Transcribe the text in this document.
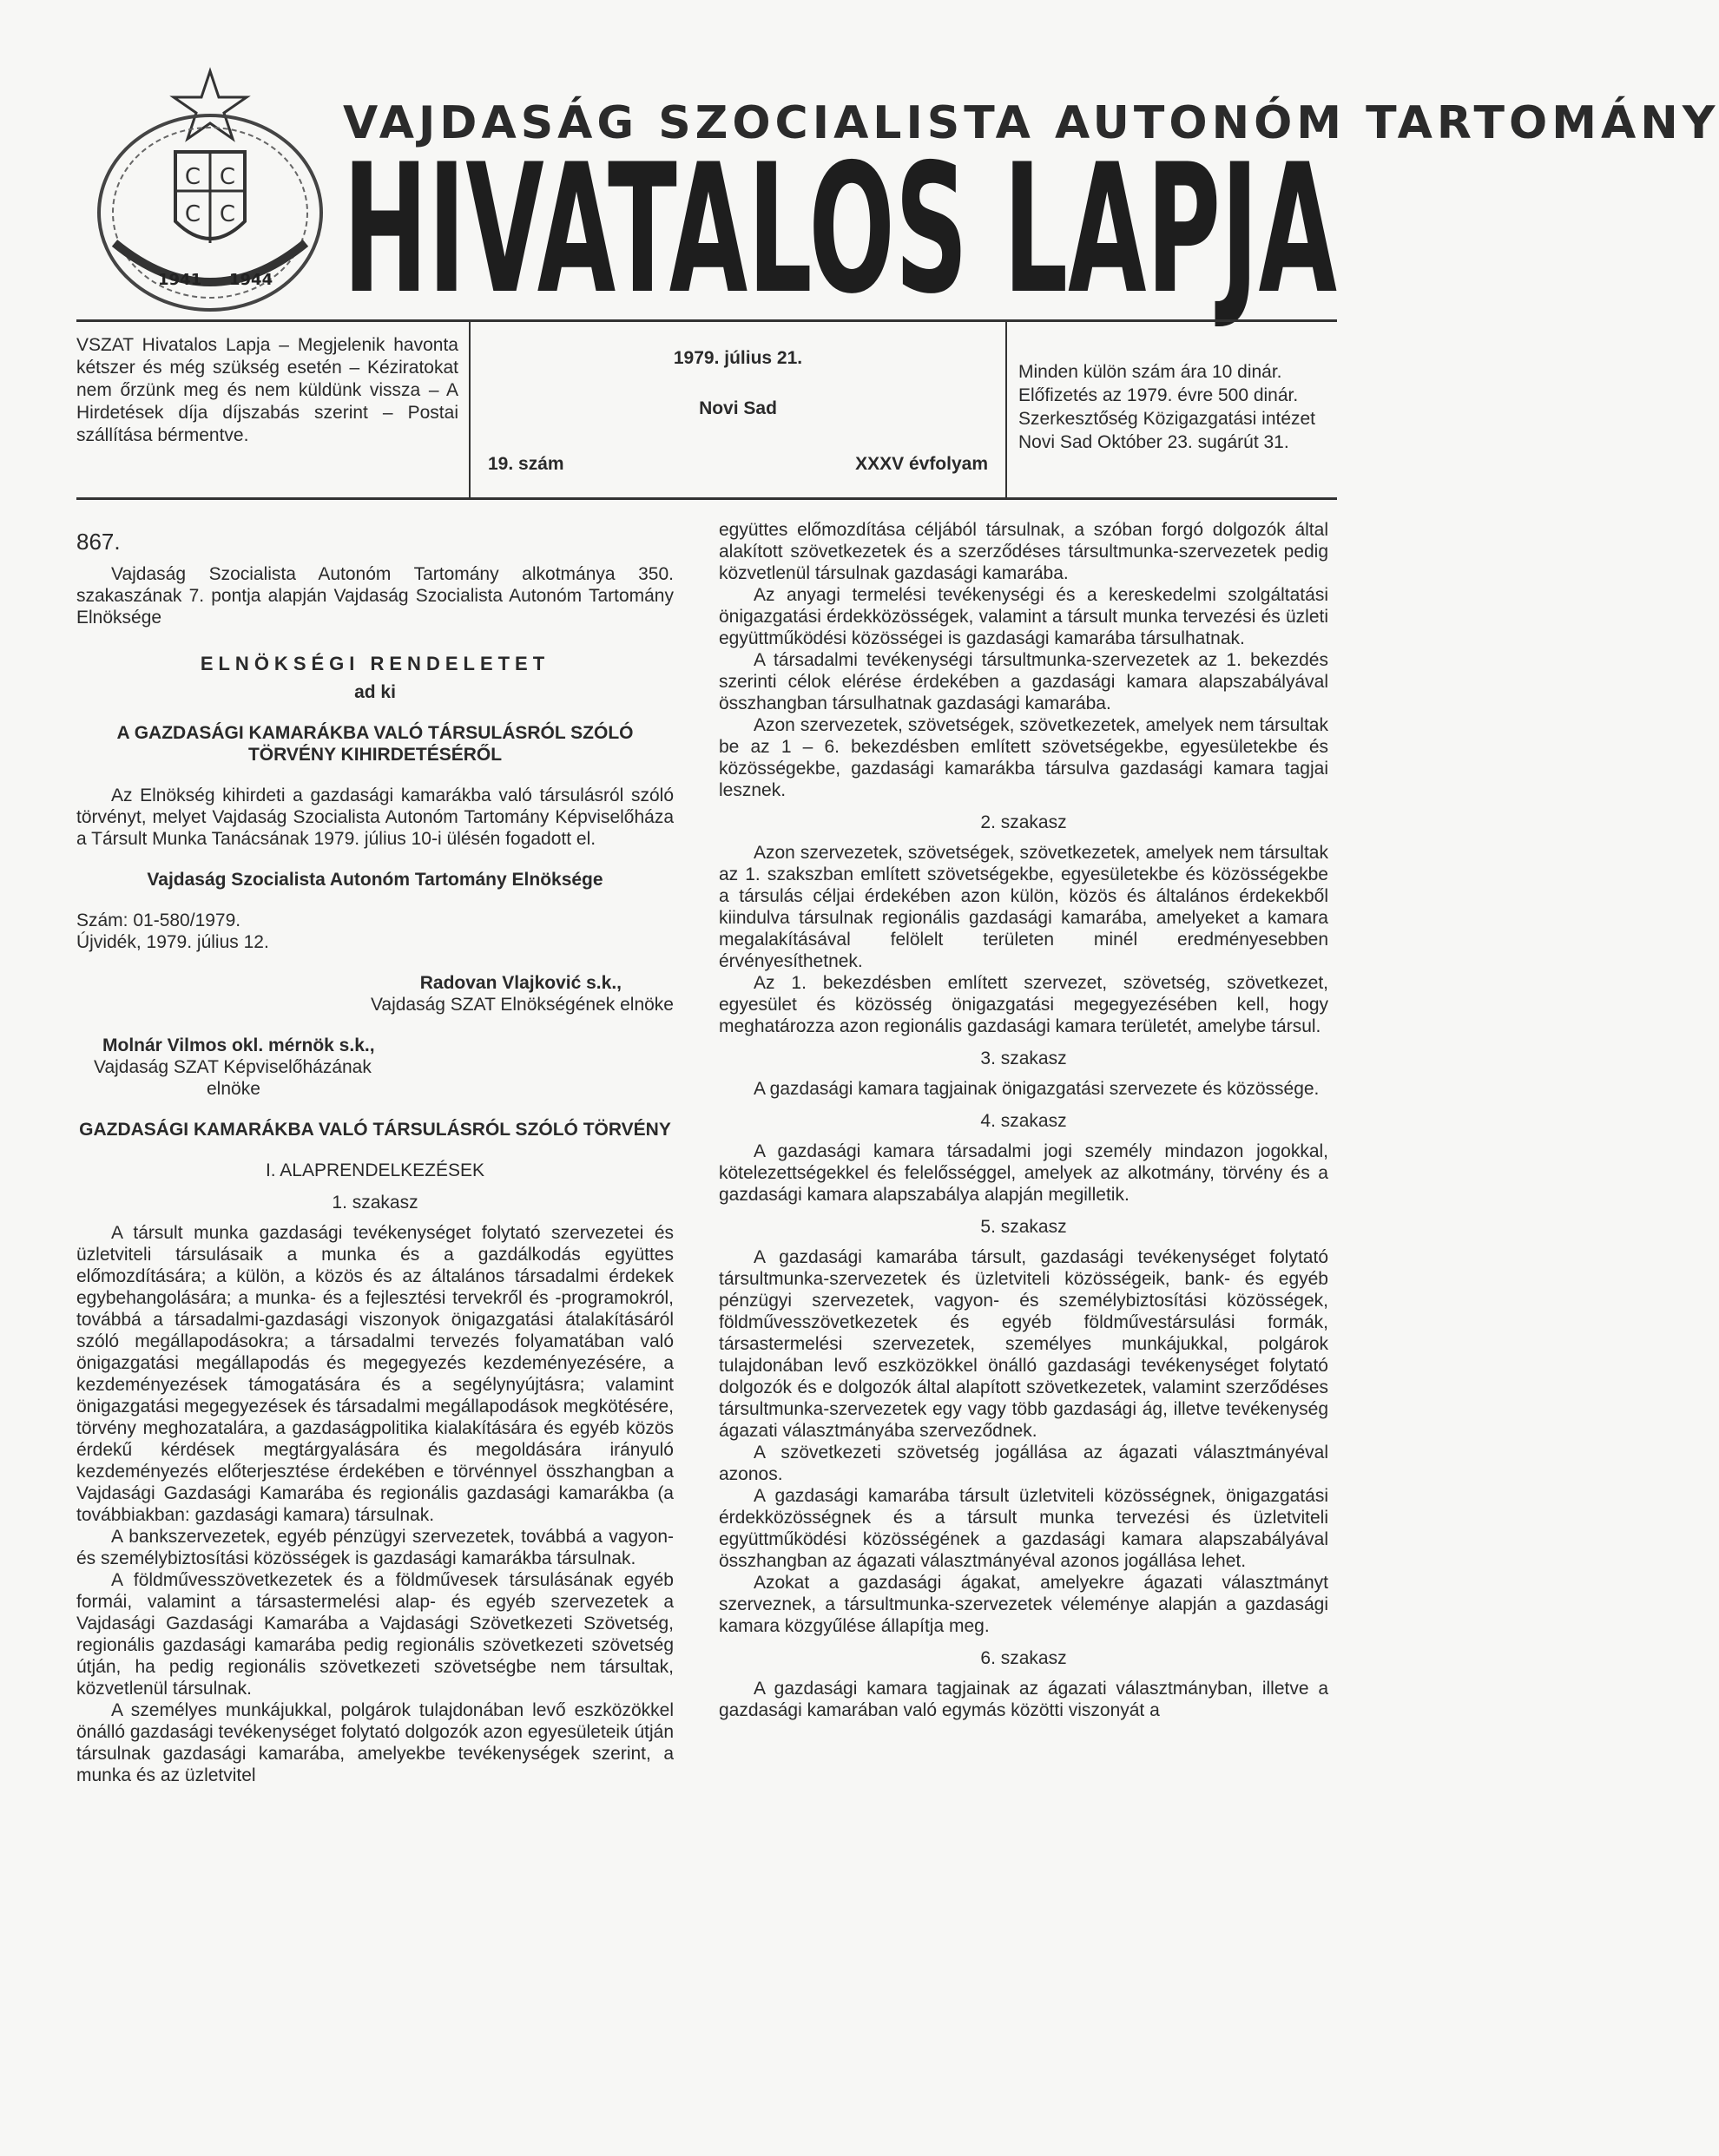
C C
C C
1941 1944
VAJDASÁG SZOCIALISTA AUTONÓM TARTOMÁNY
HIVATALOS LAPJA
VSZAT Hivatalos Lapja – Megjelenik havonta kétszer és még szükség esetén – Kéziratokat nem őrzünk meg és nem küldünk vissza – A Hirdetések díja díjszabás szerint – Postai szállítása bérmentve.
1979. július 21.
Novi Sad
19. szám	XXXV évfolyam
Minden külön szám ára 10 dinár. Előfizetés az 1979. évre 500 dinár. Szerkesztőség Közigazgatási intézet Novi Sad Október 23. sugárút 31.

867.

Vajdaság Szocialista Autonóm Tartomány alkotmánya 350. szakaszának 7. pontja alapján Vajdaság Szocialista Autonóm Tartomány Elnöksége

ELNÖKSÉGI RENDELETET

ad ki

A GAZDASÁGI KAMARÁKBA VALÓ TÁRSULÁSRÓL SZÓLÓ TÖRVÉNY KIHIRDETÉSÉRŐL

Az Elnökség kihirdeti a gazdasági kamarákba való társulásról szóló törvényt, melyet Vajdaság Szocialista Autonóm Tartomány Képviselőháza a Társult Munka Tanácsának 1979. július 10-i ülésén fogadott el.

Vajdaság Szocialista Autonóm Tartomány Elnöksége

Szám: 01-580/1979.

Újvidék, 1979. július 12.

Radovan Vlajković s.k.,

Vajdaság SZAT Elnökségének elnöke

Molnár Vilmos okl. mérnök s.k.,

Vajdaság SZAT Képviselőházának

elnöke

GAZDASÁGI KAMARÁKBA VALÓ TÁRSULÁSRÓL SZÓLÓ TÖRVÉNY

I. ALAPRENDELKEZÉSEK

1. szakasz

A társult munka gazdasági tevékenységet folytató szervezetei és üzletviteli társulásaik a munka és a gazdálkodás együttes előmozdítására; a külön, a közös és az általános társadalmi érdekek egybehangolására; a munka- és a fejlesztési tervekről és -programokról, továbbá a társadalmi-gazdasági viszonyok önigazgatási átalakításáról szóló megállapodásokra; a társadalmi tervezés folyamatában való önigazgatási megállapodás és megegyezés kezdeményezésére, a kezdeményezések támogatására és a segélynyújtásra; valamint önigazgatási megegyezések és társadalmi megállapodások megkötésére, törvény meghozatalára, a gazdaságpolitika kialakítására és egyéb közös érdekű kérdések megtárgyalására és megoldására irányuló kezdeményezés előterjesztése érdekében e törvénnyel összhangban a Vajdasági Gazdasági Kamarába és regionális gazdasági kamarákba (a továbbiakban: gazdasági kamara) társulnak.

A bankszervezetek, egyéb pénzügyi szervezetek, továbbá a vagyon- és személybiztosítási közösségek is gazdasági kamarákba társulnak.

A földművesszövetkezetek és a földművesek társulásának egyéb formái, valamint a társastermelési alap- és egyéb szervezetek a Vajdasági Gazdasági Kamarába a Vajdasági Szövetkezeti Szövetség, regionális gazdasági kamarába pedig regionális szövetkezeti szövetség útján, ha pedig regionális szövetkezeti szövetségbe nem társultak, közvetlenül társulnak.

A személyes munkájukkal, polgárok tulajdonában levő eszközökkel önálló gazdasági tevékenységet folytató dolgozók azon egyesületeik útján társulnak gazdasági kamarába, amelyekbe tevékenységek szerint, a munka és az üzletvitel

együttes előmozdítása céljából társulnak, a szóban forgó dolgozók által alakított szövetkezetek és a szerződéses társultmunka-szervezetek pedig közvetlenül társulnak gazdasági kamarába.

Az anyagi termelési tevékenységi és a kereskedelmi szolgáltatási önigazgatási érdekközösségek, valamint a társult munka tervezési és üzleti együttműködési közösségei is gazdasági kamarába társulhatnak.

A társadalmi tevékenységi társultmunka-szervezetek az 1. bekezdés szerinti célok elérése érdekében a gazdasági kamara alapszabályával összhangban társulhatnak gazdasági kamarába.

Azon szervezetek, szövetségek, szövetkezetek, amelyek nem társultak be az 1 – 6. bekezdésben említett szövetségekbe, egyesületekbe és közösségekbe, gazdasági kamarákba társulva gazdasági kamara tagjai lesznek.

2. szakasz

Azon szervezetek, szövetségek, szövetkezetek, amelyek nem társultak az 1. szakszban említett szövetségekbe, egyesületekbe és közösségekbe a társulás céljai érdekében azon külön, közös és általános érdekekből kiindulva társulnak regionális gazdasági kamarába, amelyeket a kamara megalakításával felölelt területen minél eredményesebben érvényesíthetnek.

Az 1. bekezdésben említett szervezet, szövetség, szövetkezet, egyesület és közösség önigazgatási megegyezésében kell, hogy meghatározza azon regionális gazdasági kamara területét, amelybe társul.

3. szakasz

A gazdasági kamara tagjainak önigazgatási szervezete és közössége.

4. szakasz

A gazdasági kamara társadalmi jogi személy mindazon jogokkal, kötelezettségekkel és felelősséggel, amelyek az alkotmány, törvény és a gazdasági kamara alapszabálya alapján megilletik.

5. szakasz

A gazdasági kamarába társult, gazdasági tevékenységet folytató társultmunka-szervezetek és üzletviteli közösségeik, bank- és egyéb pénzügyi szervezetek, vagyon- és személybiztosítási közösségek, földművesszövetkezetek és egyéb földművestársulási formák, társastermelési szervezetek, személyes munkájukkal, polgárok tulajdonában levő eszközökkel önálló gazdasági tevékenységet folytató dolgozók és e dolgozók által alapított szövetkezetek, valamint szerződéses társultmunka-szervezetek egy vagy több gazdasági ág, illetve tevékenység ágazati választmányába szerveződnek.

A szövetkezeti szövetség jogállása az ágazati választmányéval azonos.

A gazdasági kamarába társult üzletviteli közösségnek, önigazgatási érdekközösségnek és a társult munka tervezési és üzletviteli együttműködési közösségének a gazdasági kamara alapszabályával összhangban az ágazati választmányéval azonos jogállása lehet.

Azokat a gazdasági ágakat, amelyekre ágazati választmányt szerveznek, a társultmunka-szervezetek véleménye alapján a gazdasági kamara közgyűlése állapítja meg.

6. szakasz

A gazdasági kamara tagjainak az ágazati választmányban, illetve a gazdasági kamarában való egymás közötti viszonyát a
